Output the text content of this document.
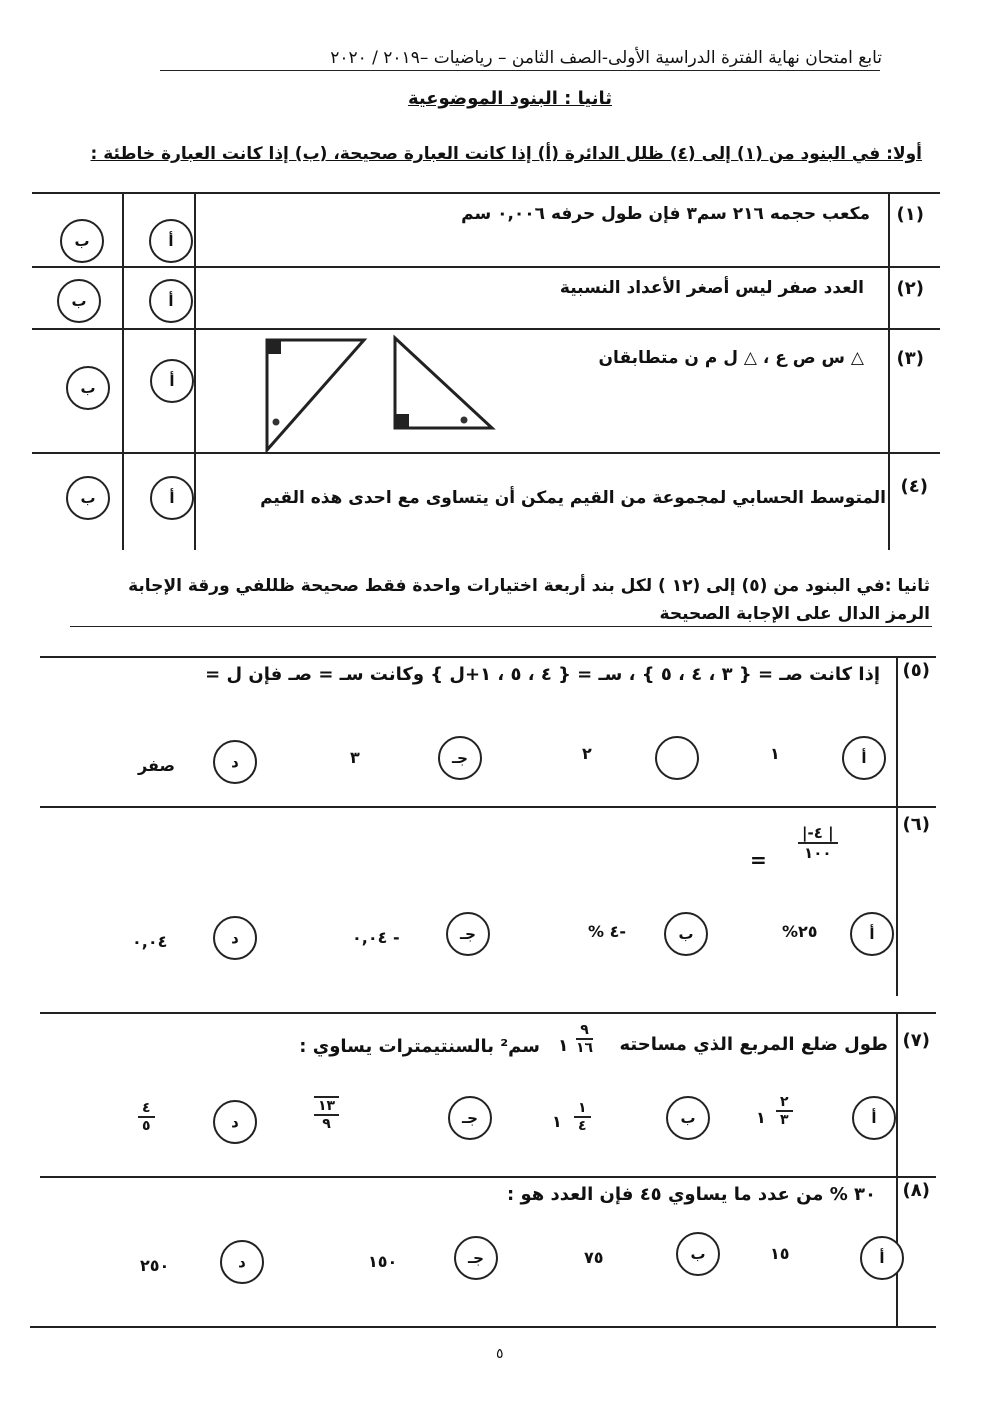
تابع امتحان نهاية الفترة الدراسية الأولى-الصف الثامن – رياضيات –٢٠١٩ / ٢٠٢٠
ثانيا : البنود الموضوعية
أولا: في البنود من (١) إلى (٤) ظلل الدائرة (أ) إذا كانت العبارة صحيحة، (ب) إذا كانت العبارة خاطئة :
(١)
مكعب حجمه ٢١٦ سم٣ فإن طول حرفه ٠,٠٠٦ سم
أ
ب
(٢)
العدد صفر ليس أصغر الأعداد النسبية
أ
ب
(٣)
△ س ص ع ، △ ل م ن متطابقان
أ
ب
(٤)
المتوسط الحسابي لمجموعة من القيم يمكن أن يتساوى مع احدى هذه القيم
أ
ب
ثانيا :في البنود من (٥) إلى (١٢ ) لكل بند أربعة اختيارات واحدة فقط صحيحة ظللفي ورقة الإجابة
الرمز الدال على الإجابة الصحيحة
(٥)
إذا كانت صـ = { ٣ ، ٤ ، ٥ } ، سـ = { ٤ ، ٥ ، ١+ل } وكانت سـ = صـ فإن ل =
أ
١
٢
جـ
٣
د
صفر
(٦)
|-٤ |
١٠٠
=
أ
٢٥%
ب
-٤ %
جـ
- ٠,٠٤
د
٠,٠٤
(٧)
طول ضلع المربع الذي مساحته
٩
١٦
١
سم² بالسنتيمترات يساوي :
أ
٢
٣
١
ب
١
٤
١
جـ
١٣
٩
د
٤
٥
(٨)
٣٠ % من عدد ما يساوي ٤٥ فإن العدد هو :
أ
١٥
ب
٧٥
جـ
١٥٠
د
٢٥٠
٥
